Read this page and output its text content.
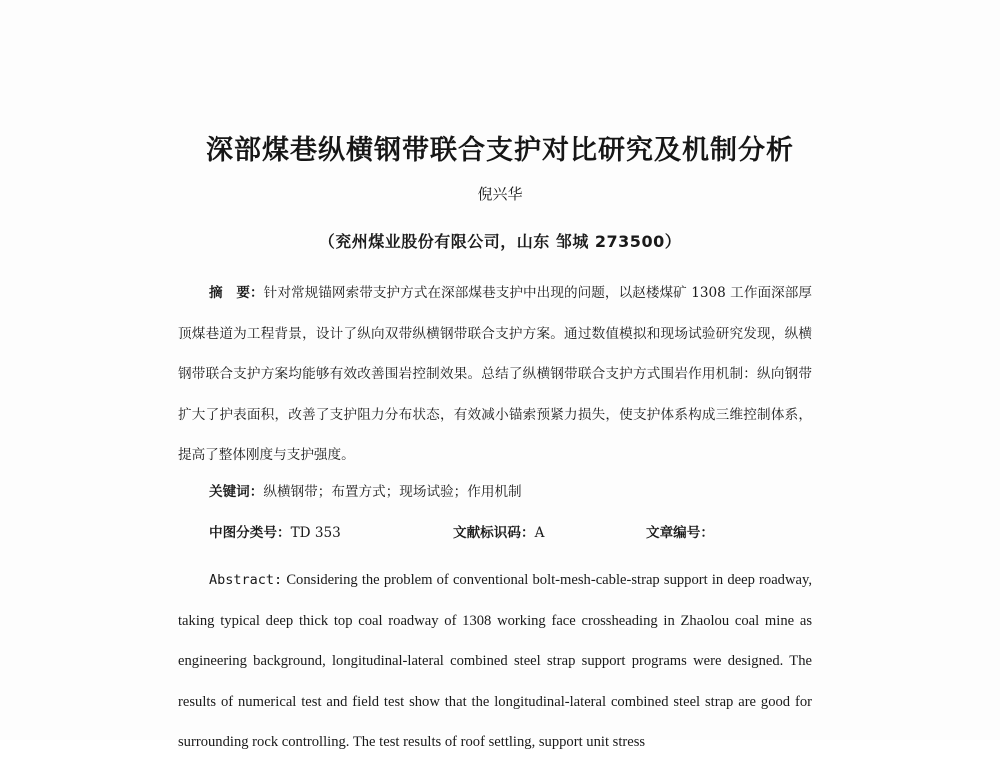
深部煤巷纵横钢带联合支护对比研究及机制分析
倪兴华
（兖州煤业股份有限公司，山东 邹城 273500）
摘　要：针对常规锚网索带支护方式在深部煤巷支护中出现的问题，以赵楼煤矿 1308 工作面深部厚顶煤巷道为工程背景，设计了纵向双带纵横钢带联合支护方案。通过数值模拟和现场试验研究发现，纵横钢带联合支护方案均能够有效改善围岩控制效果。总结了纵横钢带联合支护方式围岩作用机制：纵向钢带扩大了护表面积，改善了支护阻力分布状态，有效减小锚索预紧力损失，使支护体系构成三维控制体系，提高了整体刚度与支护强度。
关键词：纵横钢带；布置方式；现场试验；作用机制
中图分类号：TD 353	文献标识码：A	文章编号：
Abstract: Considering the problem of conventional bolt-mesh-cable-strap support in deep roadway, taking typical deep thick top coal roadway of 1308 working face crossheading in Zhaolou coal mine as engineering background, longitudinal-lateral combined steel strap support programs were designed. The results of numerical test and field test show that the longitudinal-lateral combined steel strap are good for surrounding rock controlling. The test results of roof settling, support unit stress
